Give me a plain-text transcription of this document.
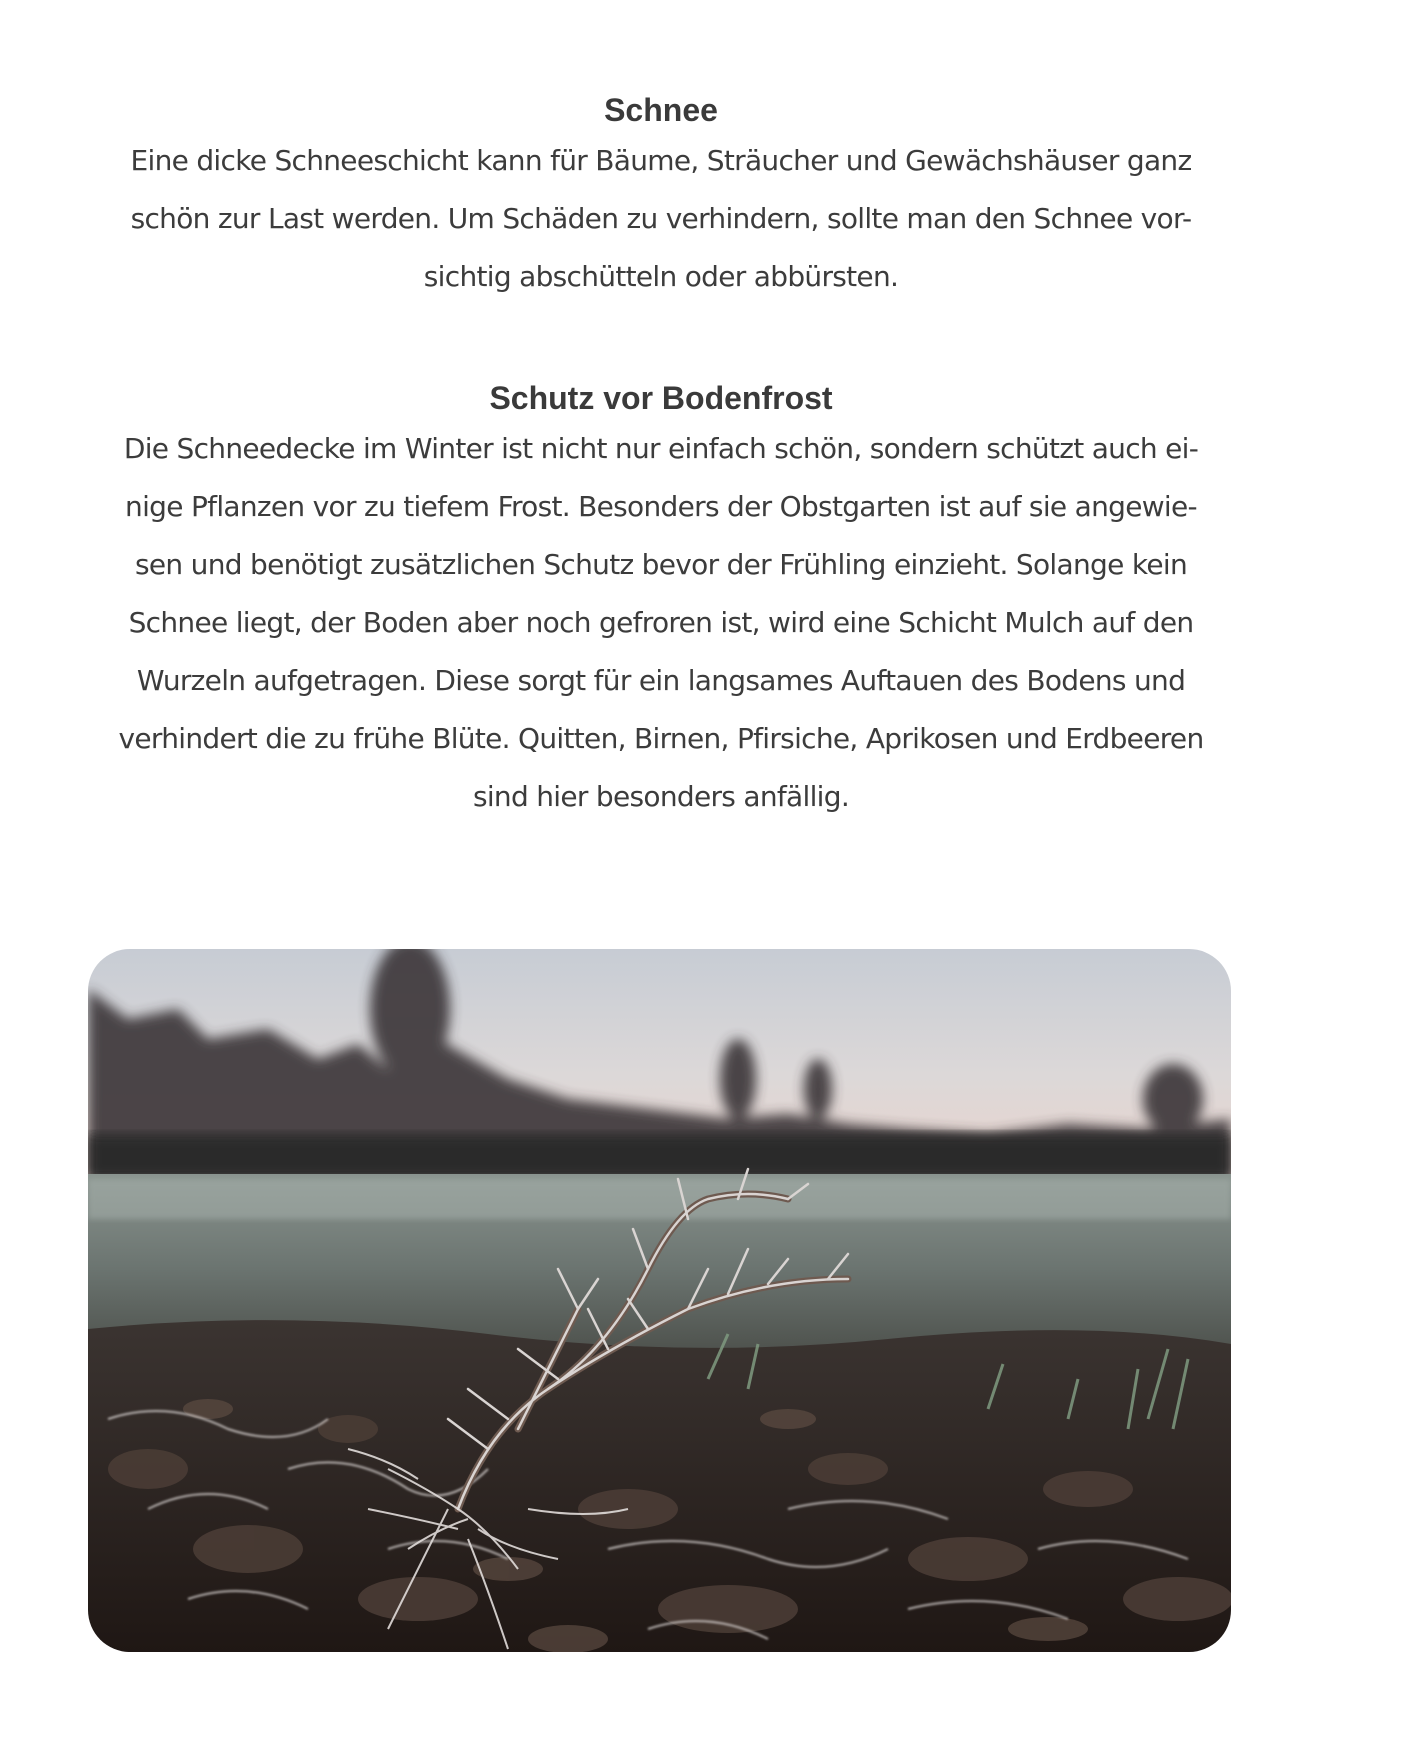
Schnee

Eine dicke Schneeschicht kann für Bäume, Sträucher und Gewächshäuser ganz
schön zur Last werden. Um Schäden zu verhindern, sollte man den Schnee vor-
sichtig abschütteln oder abbürsten.

Schutz vor Bodenfrost

Die Schneedecke im Winter ist nicht nur einfach schön, sondern schützt auch ei-
nige Pflanzen vor zu tiefem Frost. Besonders der Obstgarten ist auf sie angewie-
sen und benötigt zusätzlichen Schutz bevor der Frühling einzieht. Solange kein
Schnee liegt, der Boden aber noch gefroren ist, wird eine Schicht Mulch auf den
Wurzeln aufgetragen. Diese sorgt für ein langsames Auftauen des Bodens und
verhindert die zu frühe Blüte. Quitten, Birnen, Pfirsiche, Aprikosen und Erdbeeren
sind hier besonders anfällig.
